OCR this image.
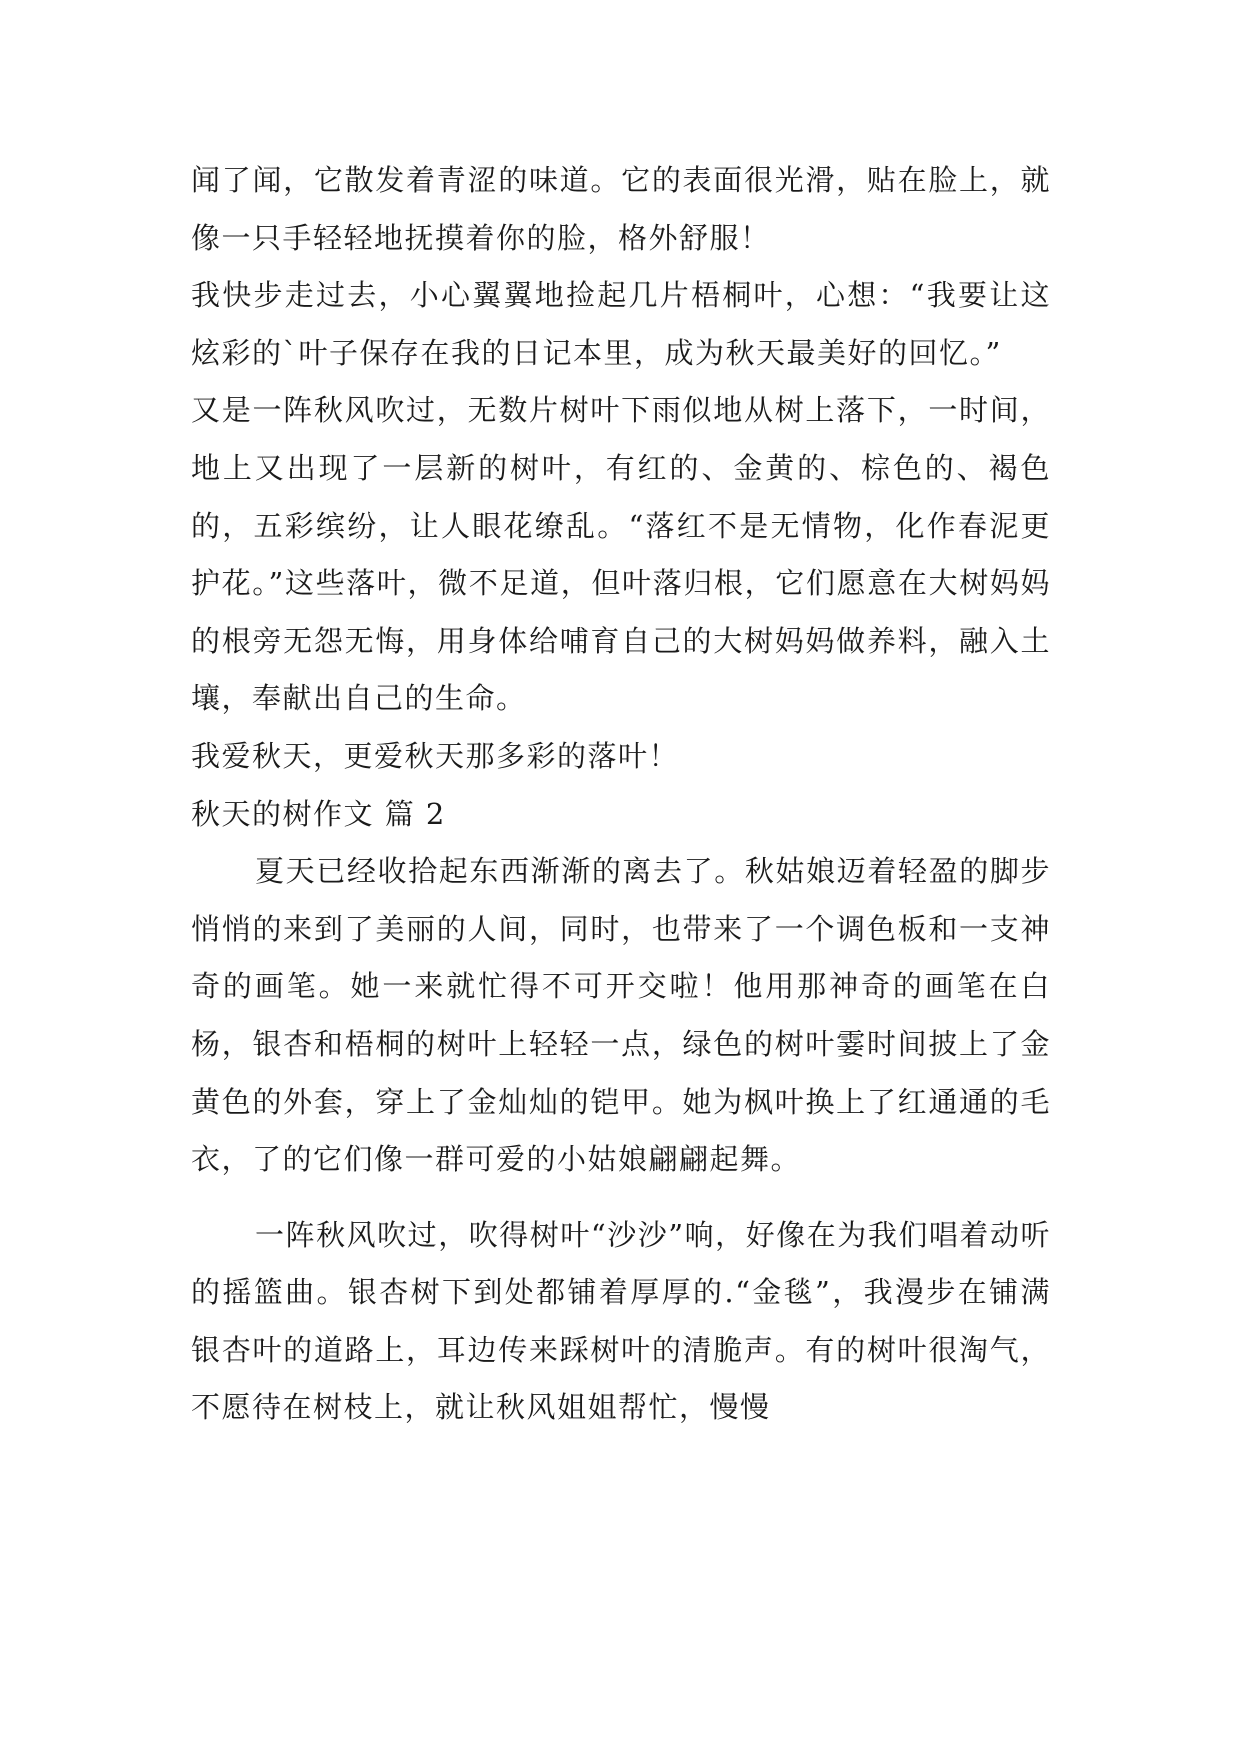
闻了闻，它散发着青涩的味道。它的表面很光滑，贴在脸上，就像一只手轻轻地抚摸着你的脸，格外舒服！

我快步走过去，小心翼翼地捡起几片梧桐叶，心想：“我要让这炫彩的`叶子保存在我的日记本里，成为秋天最美好的回忆。”

又是一阵秋风吹过，无数片树叶下雨似地从树上落下，一时间，地上又出现了一层新的树叶，有红的、金黄的、棕色的、褐色的，五彩缤纷，让人眼花缭乱。“落红不是无情物，化作春泥更护花。”这些落叶，微不足道，但叶落归根，它们愿意在大树妈妈的根旁无怨无悔，用身体给哺育自己的大树妈妈做养料，融入土壤，奉献出自己的生命。

我爱秋天，更爱秋天那多彩的落叶！

秋天的树作文 篇 2

夏天已经收拾起东西渐渐的离去了。秋姑娘迈着轻盈的脚步悄悄的来到了美丽的人间，同时，也带来了一个调色板和一支神奇的画笔。她一来就忙得不可开交啦！他用那神奇的画笔在白杨，银杏和梧桐的树叶上轻轻一点，绿色的树叶霎时间披上了金黄色的外套，穿上了金灿灿的铠甲。她为枫叶换上了红通通的毛衣，了的它们像一群可爱的小姑娘翩翩起舞。

一阵秋风吹过，吹得树叶“沙沙”响，好像在为我们唱着动听的摇篮曲。银杏树下到处都铺着厚厚的.“金毯”，我漫步在铺满银杏叶的道路上，耳边传来踩树叶的清脆声。有的树叶很淘气，不愿待在树枝上，就让秋风姐姐帮忙，慢慢
